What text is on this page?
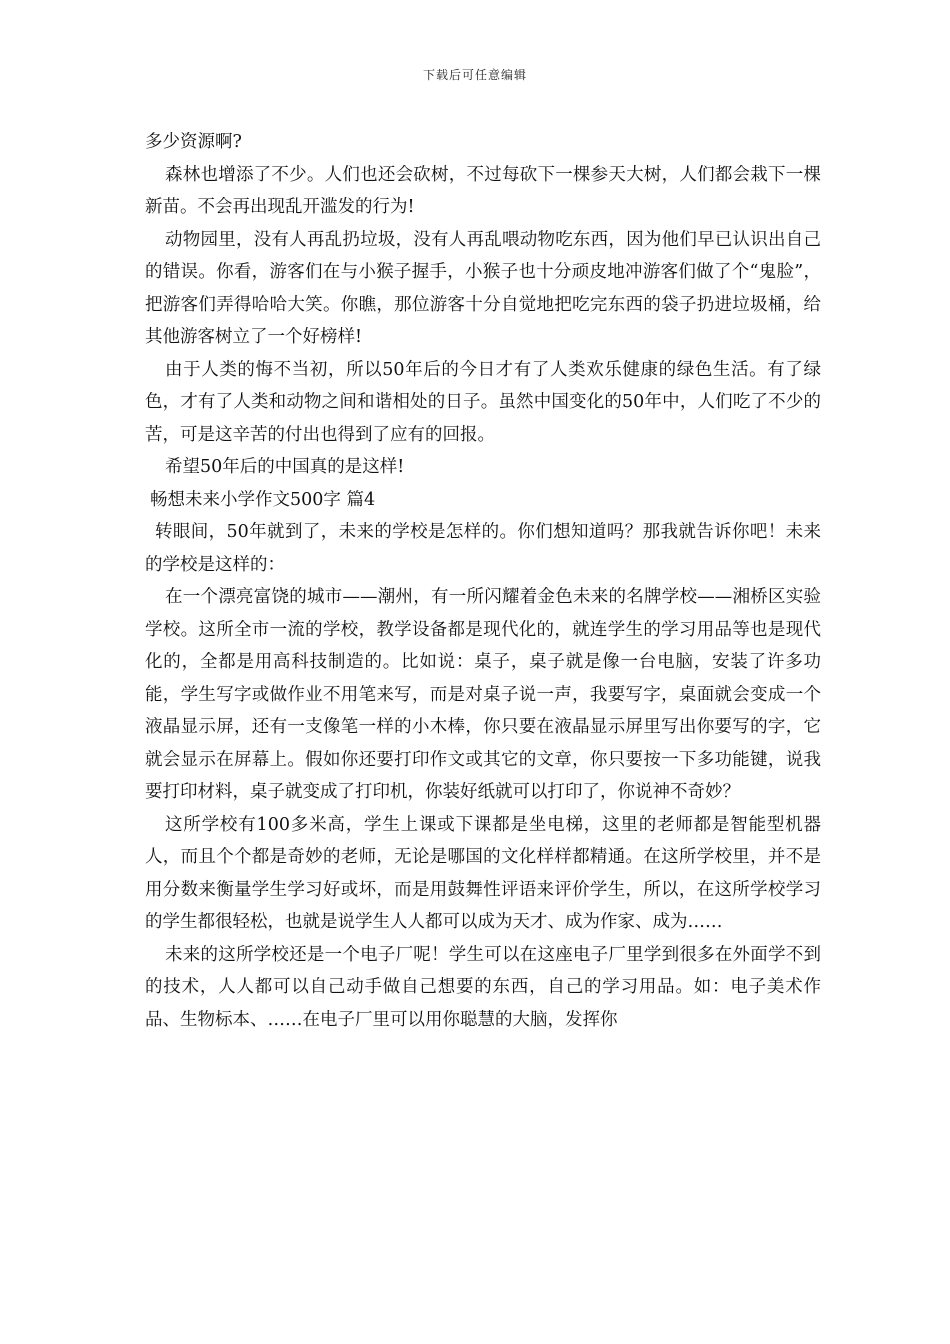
下载后可任意编辑

多少资源啊?

森林也增添了不少。人们也还会砍树，不过每砍下一棵参天大树，人们都会栽下一棵新苗。不会再出现乱开滥发的行为!

动物园里，没有人再乱扔垃圾，没有人再乱喂动物吃东西，因为他们早已认识出自己的错误。你看，游客们在与小猴子握手，小猴子也十分顽皮地冲游客们做了个“鬼脸”，把游客们弄得哈哈大笑。你瞧，那位游客十分自觉地把吃完东西的袋子扔进垃圾桶，给其他游客树立了一个好榜样!

由于人类的悔不当初，所以50年后的今日才有了人类欢乐健康的绿色生活。有了绿色，才有了人类和动物之间和谐相处的日子。虽然中国变化的50年中，人们吃了不少的苦，可是这辛苦的付出也得到了应有的回报。

希望50年后的中国真的是这样!

畅想未来小学作文500字 篇4

转眼间，50年就到了，未来的学校是怎样的。你们想知道吗？那我就告诉你吧！未来的学校是这样的：

在一个漂亮富饶的城市——潮州，有一所闪耀着金色未来的名牌学校——湘桥区实验学校。这所全市一流的学校，教学设备都是现代化的，就连学生的学习用品等也是现代化的，全都是用高科技制造的。比如说：桌子，桌子就是像一台电脑，安装了许多功能，学生写字或做作业不用笔来写，而是对桌子说一声，我要写字，桌面就会变成一个液晶显示屏，还有一支像笔一样的小木棒，你只要在液晶显示屏里写出你要写的字，它就会显示在屏幕上。假如你还要打印作文或其它的文章，你只要按一下多功能键，说我要打印材料，桌子就变成了打印机，你装好纸就可以打印了，你说神不奇妙？

这所学校有100多米高，学生上课或下课都是坐电梯，这里的老师都是智能型机器人，而且个个都是奇妙的老师，无论是哪国的文化样样都精通。在这所学校里，并不是用分数来衡量学生学习好或坏，而是用鼓舞性评语来评价学生，所以，在这所学校学习的学生都很轻松，也就是说学生人人都可以成为天才、成为作家、成为……

未来的这所学校还是一个电子厂呢！学生可以在这座电子厂里学到很多在外面学不到的技术，人人都可以自己动手做自己想要的东西，自己的学习用品。如：电子美术作品、生物标本、……在电子厂里可以用你聪慧的大脑，发挥你
